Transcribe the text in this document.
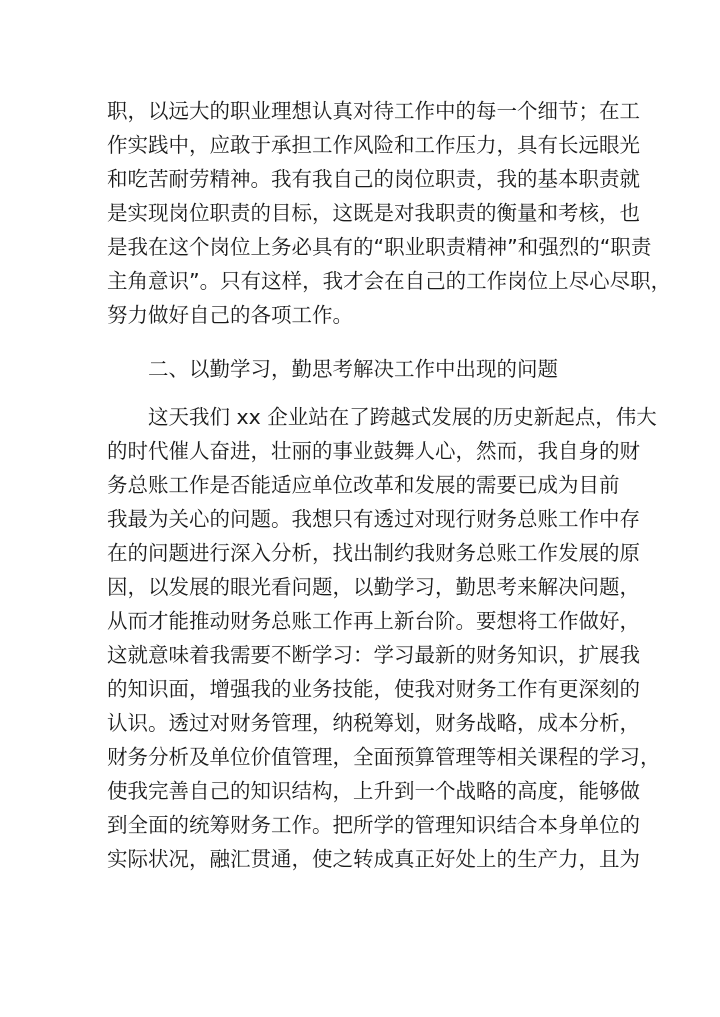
职，以远大的职业理想认真对待工作中的每一个细节；在工
作实践中，应敢于承担工作风险和工作压力，具有长远眼光
和吃苦耐劳精神。我有我自己的岗位职责，我的基本职责就
是实现岗位职责的目标，这既是对我职责的衡量和考核，也
是我在这个岗位上务必具有的“职业职责精神”和强烈的“职责
主角意识”。只有这样，我才会在自己的工作岗位上尽心尽职，
努力做好自己的各项工作。
二、以勤学习，勤思考解决工作中出现的问题
这天我们 xx 企业站在了跨越式发展的历史新起点，伟大
的时代催人奋进，壮丽的事业鼓舞人心，然而，我自身的财
务总账工作是否能适应单位改革和发展的需要已成为目前
我最为关心的问题。我想只有透过对现行财务总账工作中存
在的问题进行深入分析，找出制约我财务总账工作发展的原
因，以发展的眼光看问题，以勤学习，勤思考来解决问题，
从而才能推动财务总账工作再上新台阶。要想将工作做好，
这就意味着我需要不断学习：学习最新的财务知识，扩展我
的知识面，增强我的业务技能，使我对财务工作有更深刻的
认识。透过对财务管理，纳税筹划，财务战略，成本分析，
财务分析及单位价值管理，全面预算管理等相关课程的学习，
使我完善自己的知识结构，上升到一个战略的高度，能够做
到全面的统筹财务工作。把所学的管理知识结合本身单位的
实际状况，融汇贯通，使之转成真正好处上的生产力，且为
